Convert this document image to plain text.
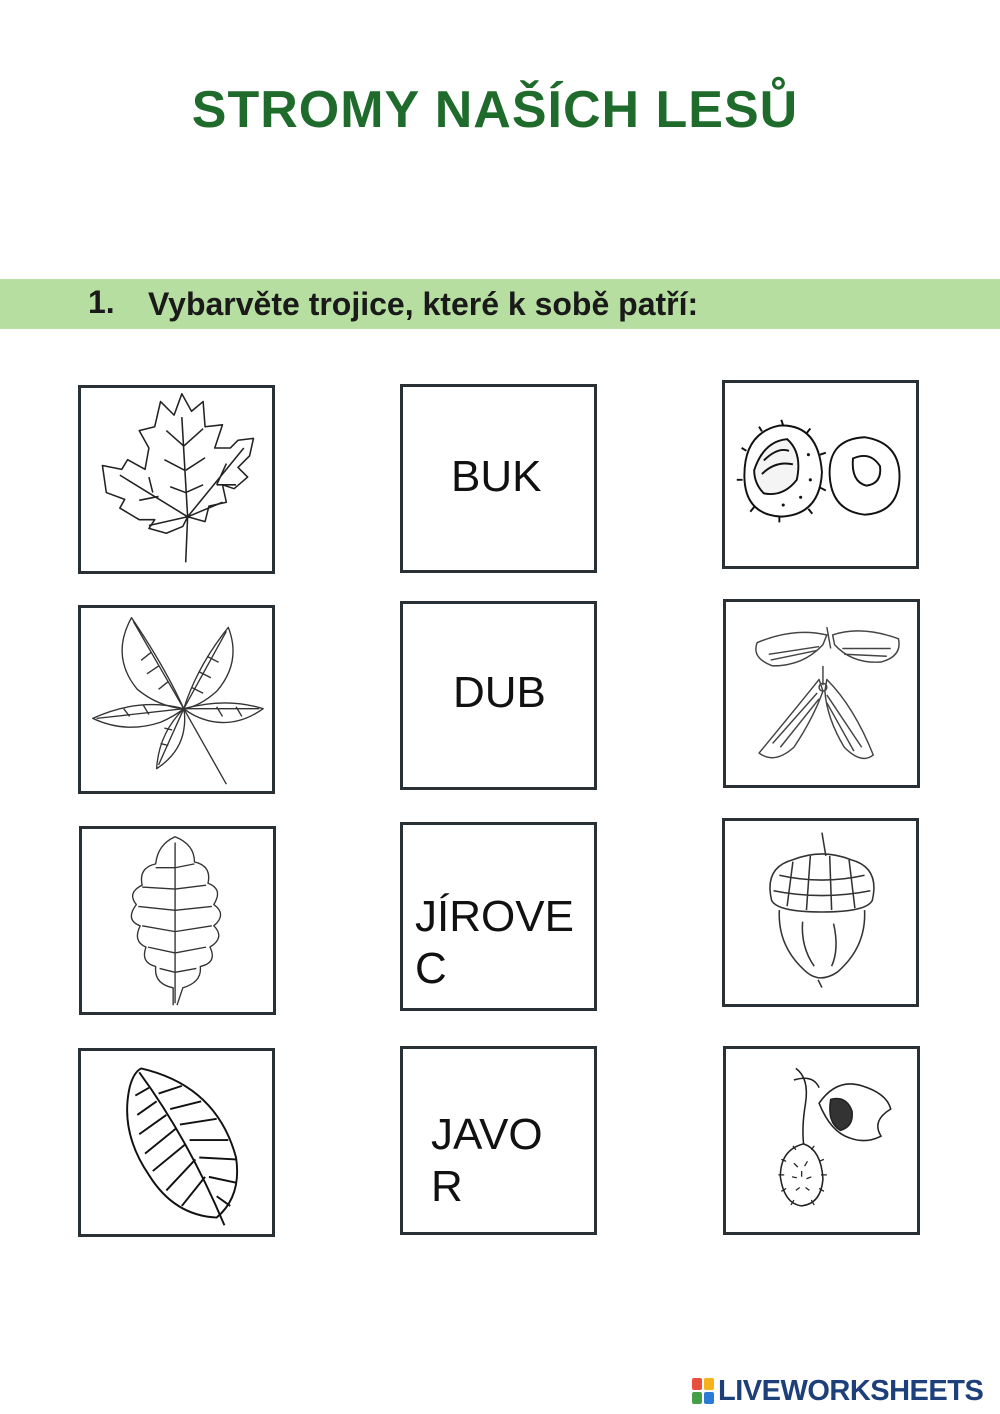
STROMY NAŠÍCH LESŮ
1. Vybarvěte trojice, které k sobě patří:
BUK
DUB
JÍROVE C
JAVO R
LIVEWORKSHEETS
